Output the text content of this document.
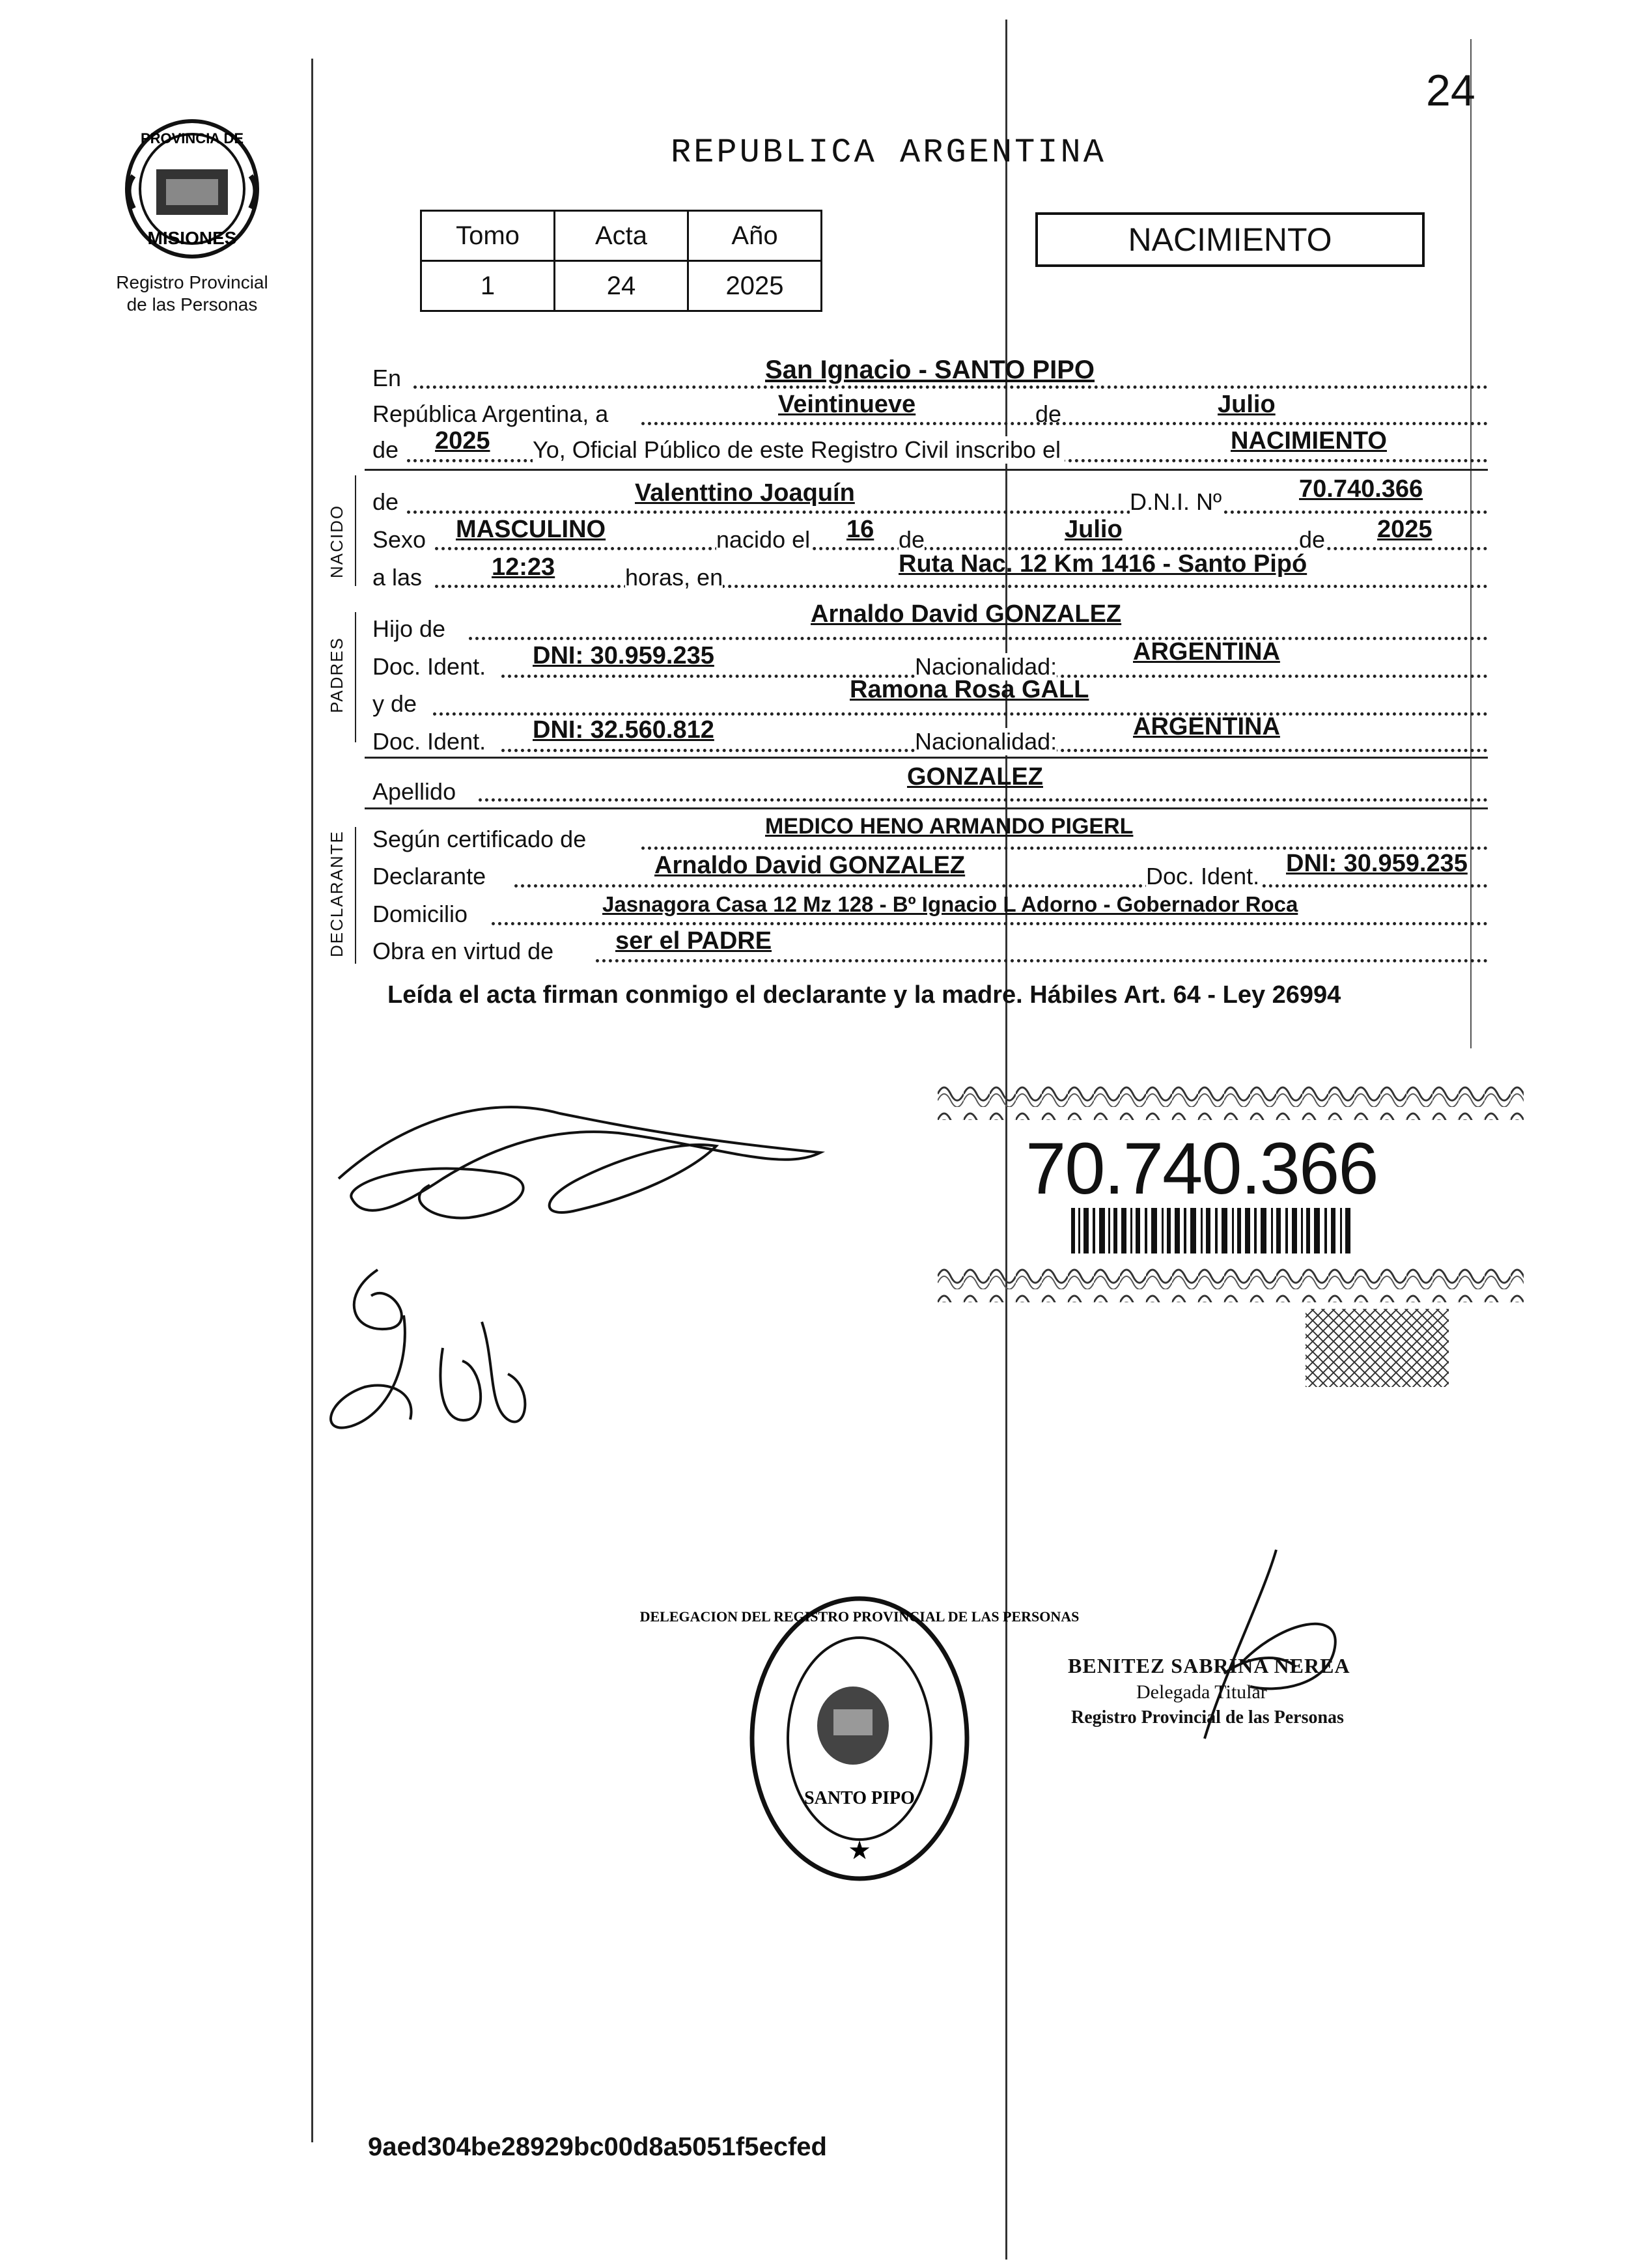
24
PROVINCIA DE
MISIONES
Registro Provincial
de las Personas
REPUBLICA ARGENTINA
Tomo	Acta	Año
1	24	2025
NACIMIENTO
NACIDO
PADRES
DECLARANTE
En	San Ignacio - SANTO PIPO
República Argentina, a	Veintinueve	de	Julio
de 2025 Yo, Oficial Público de este Registro Civil inscribo el	NACIMIENTO
de	Valenttino Joaquín	D.N.I. Nº	70.740.366
Sexo MASCULINO	nacido el 16 de	Julio	de 2025
a las	12:23	horas, en	Ruta Nac. 12 Km 1416 - Santo Pipó
Hijo de
Arnaldo David GONZALEZ
Doc. Ident. DNI: 30.959.235	Nacionalidad:
ARGENTINA
y de
Ramona Rosa GALL
Doc. Ident. DNI: 32.560.812	Nacionalidad:
ARGENTINA
Apellido
GONZALEZ
Según certificado de	MEDICO HENO ARMANDO PIGERL
Declarante	Arnaldo David GONZALEZ	Doc. Ident. DNI: 30.959.235
Domicilio	Jasnagora Casa 12 Mz 128 - Bº Ignacio L Adorno - Gobernador Roca
Obra en virtud de ser el PADRE
Leída el acta firman conmigo el declarante y la madre. Hábiles Art. 64 - Ley 26994
70.740.366
SANTO PIPO
DELEGACION DEL REGISTRO PROVINCIAL DE LAS PERSONAS
★
BENITEZ SABRINA NEREA
Delegada Titular
Registro Provincial de las Personas
9aed304be28929bc00d8a5051f5ecfed
